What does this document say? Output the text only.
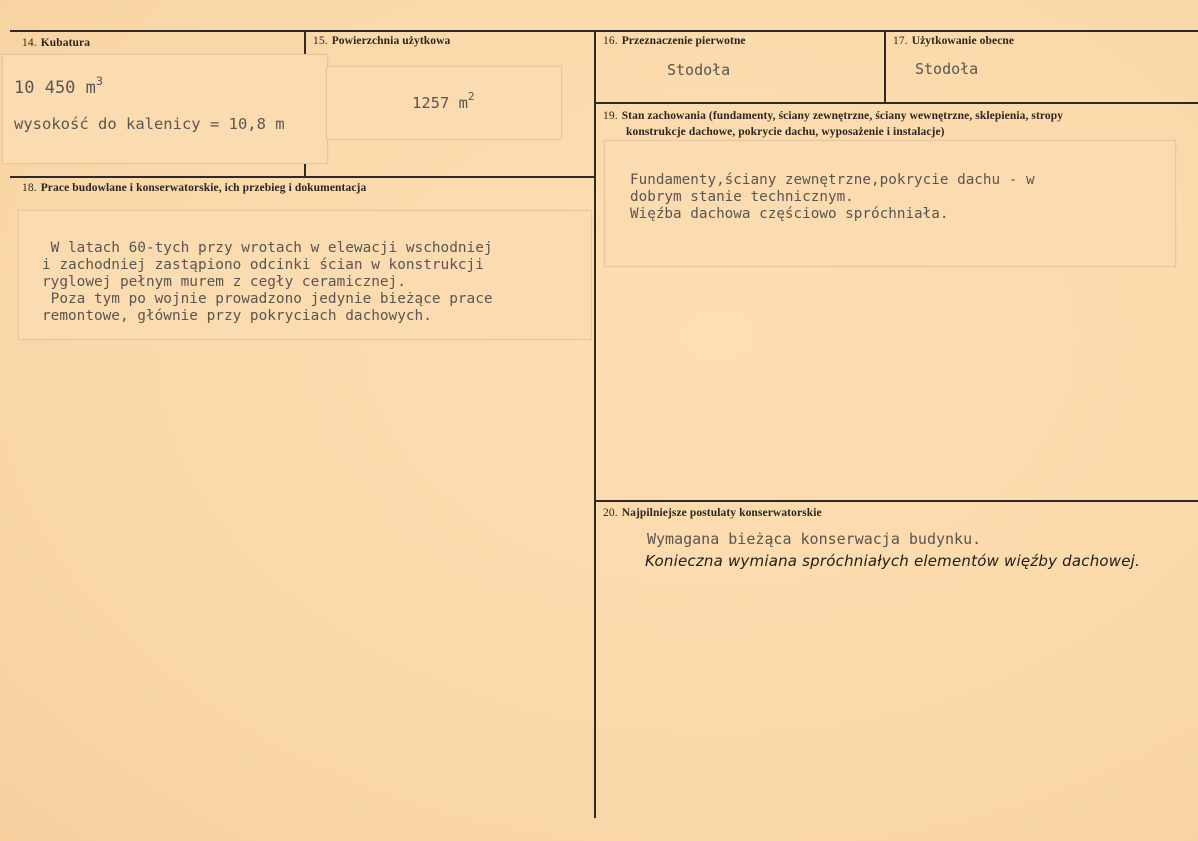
14. Kubatura
10 450 $m^3$
wysokość do kalenicy = 10,8 m
15. Powierzchnia użytkowa
1257 $m^2$
16. Przeznaczenie pierwotne
Stodoła
17. Użytkowanie obecne
Stodoła
18. Prace budowlane i konserwatorskie, ich przebieg i dokumentacja
W latach 60-tych przy wrotach w elewacji wschodniej
i zachodniej zastąpiono odcinki ścian w konstrukcji
ryglowej pełnym murem z cegły ceramicznej.
Poza tym po wojnie prowadzono jedynie bieżące prace
remontowe, głównie przy pokryciach dachowych.
19. Stan zachowania (fundamenty, ściany zewnętrzne, ściany wewnętrzne, sklepienia, stropy
konstrukcje dachowe, pokrycie dachu, wyposażenie i instalacje)
Fundamenty,ściany zewnętrzne,pokrycie dachu - w
dobrym stanie technicznym.
Więźba dachowa częściowo spróchniała.
20. Najpilniejsze postulaty konserwatorskie
Wymagana bieżąca konserwacja budynku.
Konieczna wymiana spróchniałych elementów więźby dachowej.
